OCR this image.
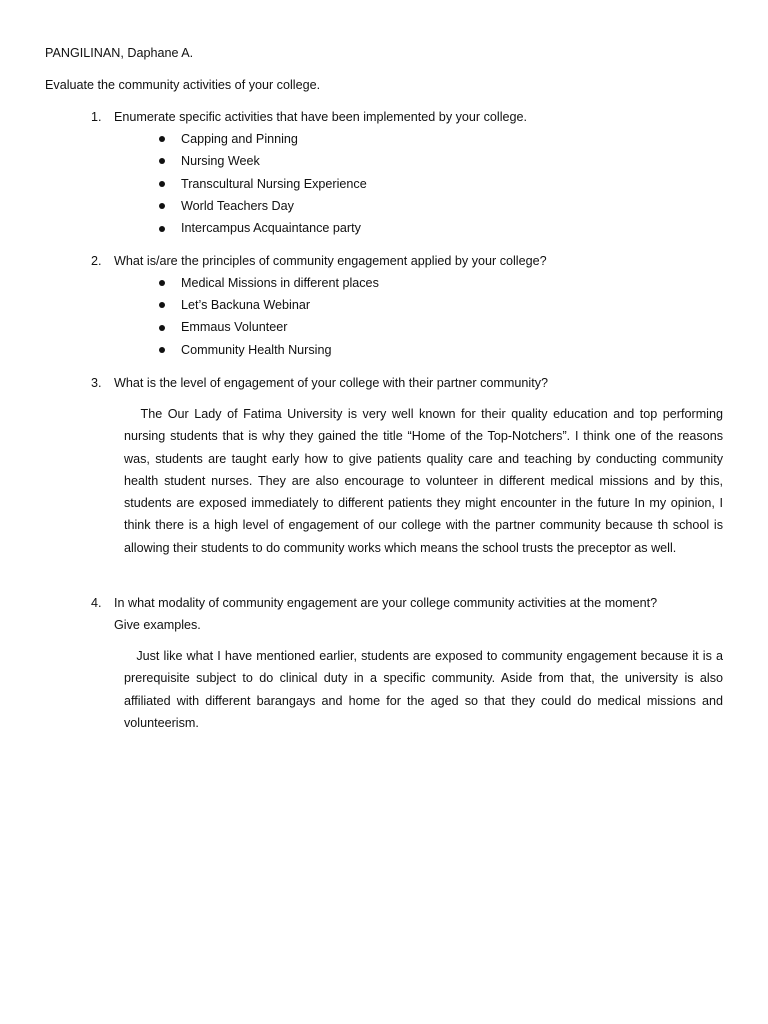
PANGILINAN, Daphane A.
Evaluate the community activities of your college.
1. Enumerate specific activities that have been implemented by your college.
Capping and Pinning
Nursing Week
Transcultural Nursing Experience
World Teachers Day
Intercampus Acquaintance party
2. What is/are the principles of community engagement applied by your college?
Medical Missions in different places
Let’s Backuna Webinar
Emmaus Volunteer
Community Health Nursing
3. What is the level of engagement of your college with their partner community?
The Our Lady of Fatima University is very well known for their quality education and top performing nursing students that is why they gained the title “Home of the Top-Notchers”. I think one of the reasons was, students are taught early how to give patients quality care and teaching by conducting community health student nurses. They are also encourage to volunteer in different medical missions and by this, students are exposed immediately to different patients they might encounter in the future In my opinion, I think there is a high level of engagement of our college with the partner community because th school is allowing their students to do community works which means the school trusts the preceptor as well.
4. In what modality of community engagement are your college community activities at the moment?
Give examples.
Just like what I have mentioned earlier, students are exposed to community engagement because it is a prerequisite subject to do clinical duty in a specific community. Aside from that, the university is also affiliated with different barangays and home for the aged so that they could do medical missions and volunteerism.
